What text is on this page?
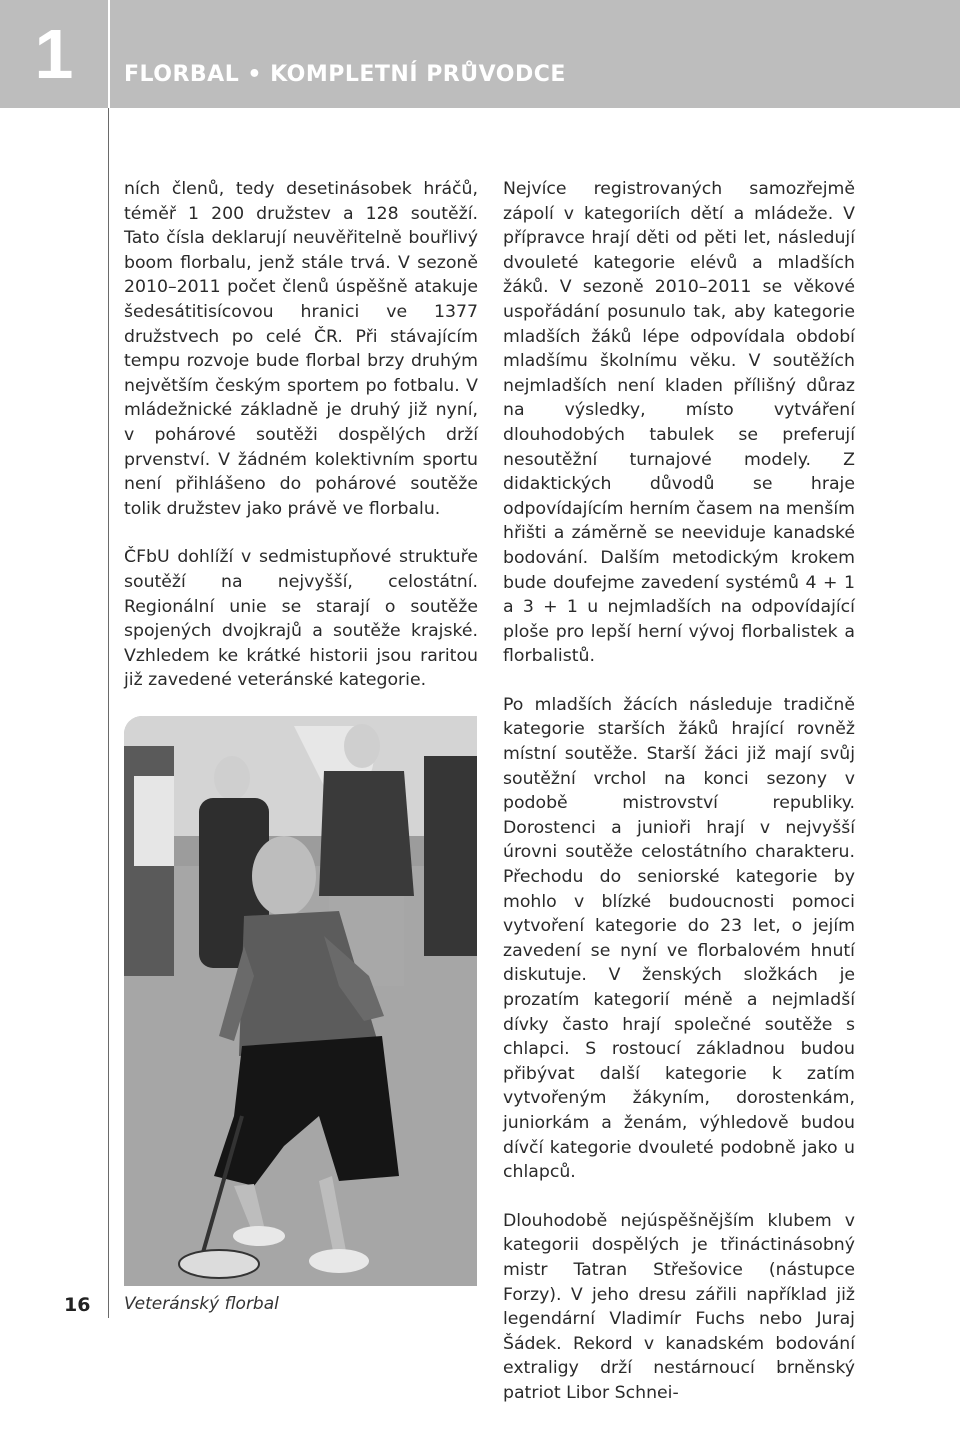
1	FLORBAL • KOMPLETNÍ PRŮVODCE

ních členů, tedy desetinásobek hráčů, téměř 1 200 družstev a 128 soutěží. Tato čísla deklarují neuvěřitelně bouřlivý boom florbalu, jenž stále trvá. V sezoně 2010–2011 počet členů úspěšně atakuje šedesátitisícovou hranici ve 1377 družstvech po celé ČR. Při stávajícím tempu rozvoje bude florbal brzy druhým největším českým sportem po fotbalu. V mládežnické základně je druhý již nyní, v pohárové soutěži dospělých drží prvenství. V žádném kolektivním sportu není přihlášeno do pohárové soutěže tolik družstev jako právě ve florbalu.

ČFbU dohlíží v sedmistupňové struktuře soutěží na nejvyšší, celostátní. Regionální unie se starají o soutěže spojených dvojkrajů a soutěže krajské. Vzhledem ke krátké historii jsou raritou již zavedené veteránské kategorie.

Nejvíce registrovaných samozřejmě zápolí v kategoriích dětí a mládeže. V přípravce hrají děti od pěti let, následují dvouleté kategorie elévů a mladších žáků. V sezoně 2010–2011 se věkové uspořádání posunulo tak, aby kategorie mladších žáků lépe odpovídala období mladšímu školnímu věku. V soutěžích nejmladších není kladen přílišný důraz na výsledky, místo vytváření dlouhodobých tabulek se preferují nesoutěžní turnajové modely. Z didaktických důvodů se hraje odpovídajícím herním časem na menším hřišti a záměrně se neeviduje kanadské bodování. Dalším metodickým krokem bude doufejme zavedení systémů 4 + 1 a 3 + 1 u nejmladších na odpovídající ploše pro lepší herní vývoj florbalistek a florbalistů.

Po mladších žácích následuje tradičně kategorie starších žáků hrající rovněž místní soutěže. Starší žáci již mají svůj soutěžní vrchol na konci sezony v podobě mistrovství republiky. Dorostenci a junioři hrají v nejvyšší úrovni soutěže celostátního charakteru. Přechodu do seniorské kategorie by mohlo v blízké budoucnosti pomoci vytvoření kategorie do 23 let, o jejím zavedení se nyní ve florbalovém hnutí diskutuje. V ženských složkách je prozatím kategorií méně a nejmladší dívky často hrají společné soutěže s chlapci. S rostoucí základnou budou přibývat další kategorie k zatím vytvořeným žákyním, dorostenkám, juniorkám a ženám, výhledově budou dívčí kategorie dvouleté podobně jako u chlapců.

Dlouhodobě nejúspěšnějším klubem v kategorii dospělých je třináctinásobný mistr Tatran Střešovice (nástupce Forzy). V jeho dresu zářili například již legendární Vladimír Fuchs nebo Juraj Šádek. Rekord v kanadském bodování extraligy drží nestárnoucí brněnský patriot Libor Schnei-

16 Veteránský florbal
